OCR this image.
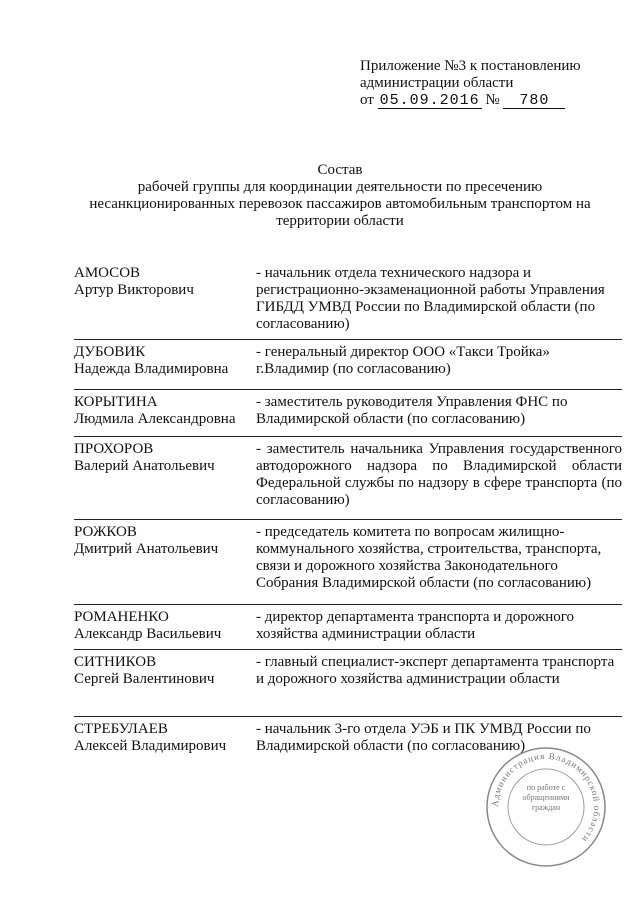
Приложение №3 к постановлению
администрации области
от 05.09.2016 № 780
Состав
рабочей группы для координации деятельности по пресечению
несанкционированных перевозок пассажиров автомобильным транспортом на
территории области
АМОСОВ
Артур Викторович
- начальник отдела технического надзора и регистрационно-экзаменационной работы Управления ГИБДД УМВД России по Владимирской области (по согласованию)
ДУБОВИК
Надежда Владимировна
- генеральный директор ООО «Такси Тройка» г.Владимир (по согласованию)
КОРЫТИНА
Людмила Александровна
- заместитель руководителя Управления ФНС по Владимирской области (по согласованию)
ПРОХОРОВ
Валерий Анатольевич
- заместитель начальника Управления государственного автодорожного надзора по Владимирской области Федеральной службы по надзору в сфере транспорта (по согласованию)
РОЖКОВ
Дмитрий Анатольевич
- председатель комитета по вопросам жилищно-коммунального хозяйства, строительства, транспорта, связи и дорожного хозяйства Законодательного Собрания Владимирской области (по согласованию)
РОМАНЕНКО
Александр Васильевич
- директор департамента транспорта и дорожного хозяйства администрации области
СИТНИКОВ
Сергей Валентинович
- главный специалист-эксперт департамента транспорта и дорожного хозяйства администрации области
СТРЕБУЛАЕВ
Алексей Владимирович
- начальник 3-го отдела УЭБ и ПК УМВД России по Владимирской области (по согласованию)
Администрация Владимирской области
по работе с обращениями граждан
